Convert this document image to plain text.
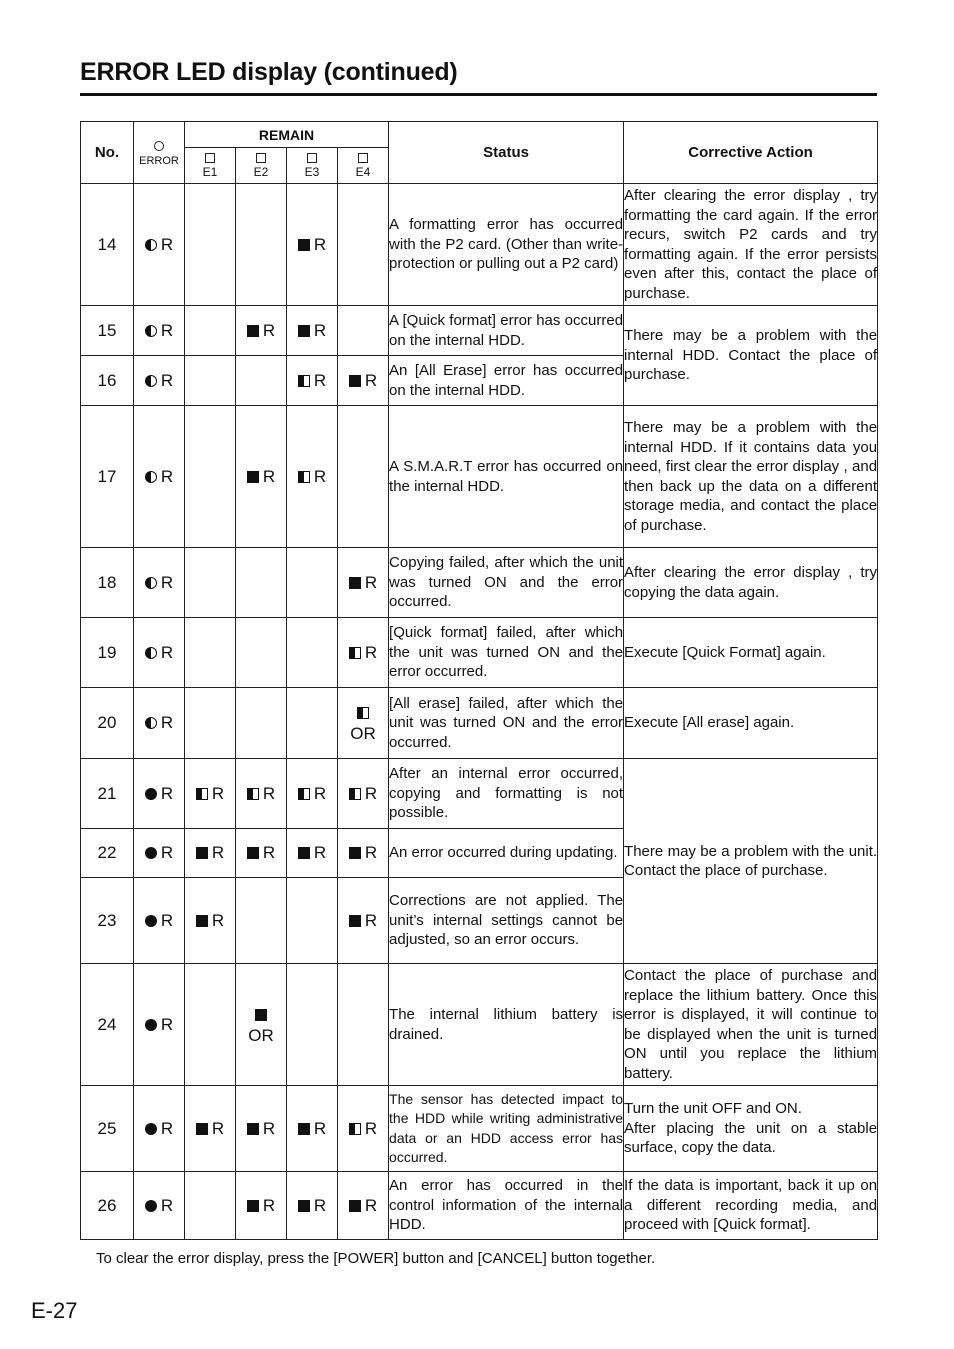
ERROR LED display (continued)
No.	ERROR	REMAIN				Status	Corrective Action

E1	E2	E3	E4		
14	R			R		A formatting error has occurred with the P2 card. (Other than write-protection or pulling out a P2 card)	After clearing the error display , try formatting the card again. If the error recurs, switch P2 cards and try formatting again. If the error persists even after this, contact the place of purchase.
15	R		R	R		A [Quick format] error has occurred on the internal HDD.	There may be a problem with the internal HDD. Contact the place of purchase.
16	R			R	R	An [All Erase] error has occurred on the internal HDD.	
17	R		R	R		A S.M.A.R.T error has occurred on the internal HDD.	There may be a problem with the internal HDD. If it contains data you need, first clear the error display , and then back up the data on a different storage media, and contact the place of purchase.
18	R				R	Copying failed, after which the unit was turned ON and the error occurred.	After clearing the error display , try copying the data again.
19	R				R	[Quick format] failed, after which the unit was turned ON and the error occurred.	Execute [Quick Format] again.
20	R				OR	[All erase] failed, after which the unit was turned ON and the error occurred.	Execute [All erase] again.
21	R	R	R	R	R	After an internal error occurred, copying and formatting is not possible.	There may be a problem with the unit. Contact the place of purchase.
22	R	R	R	R	R	An error occurred during updating.	
23	R	R			R	Corrections are not applied. The unit’s internal settings cannot be adjusted, so an error occurs.	
24	R		OR			The internal lithium battery is drained.	Contact the place of purchase and replace the lithium battery. Once this error is displayed, it will continue to be displayed when the unit is turned ON until you replace the lithium battery.
25	R	R	R	R	R	The sensor has detected impact to the HDD while writing administrative data or an HDD access error has occurred.	Turn the unit OFF and ON.
After placing the unit on a stable surface, copy the data.
26	R		R	R	R	An error has occurred in the control information of the internal HDD.	If the data is important, back it up on a different recording media, and proceed with [Quick format].
To clear the error display, press the [POWER] button and [CANCEL] button together.
E-27
